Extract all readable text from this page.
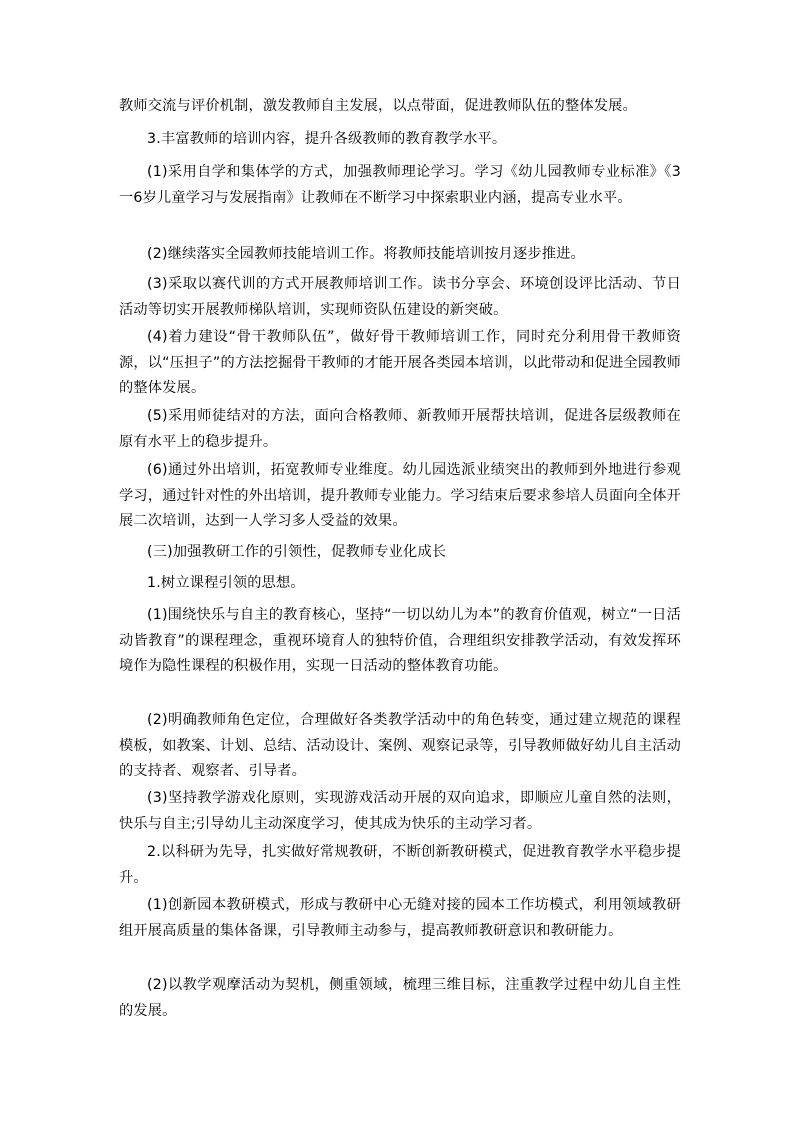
教师交流与评价机制，激发教师自主发展，以点带面，促进教师队伍的整体发展。

3.丰富教师的培训内容，提升各级教师的教育教学水平。

(1)采用自学和集体学的方式，加强教师理论学习。学习《幼儿园教师专业标准》《3一6岁儿童学习与发展指南》让教师在不断学习中探索职业内涵，提高专业水平。

(2)继续落实全园教师技能培训工作。将教师技能培训按月逐步推进。

(3)采取以赛代训的方式开展教师培训工作。读书分享会、环境创设评比活动、节日活动等切实开展教师梯队培训，实现师资队伍建设的新突破。

(4)着力建设“骨干教师队伍”，做好骨干教师培训工作，同时充分利用骨干教师资源，以“压担子”的方法挖掘骨干教师的才能开展各类园本培训，以此带动和促进全园教师的整体发展。

(5)采用师徒结对的方法，面向合格教师、新教师开展帮扶培训，促进各层级教师在原有水平上的稳步提升。

(6)通过外出培训，拓宽教师专业维度。幼儿园选派业绩突出的教师到外地进行参观学习，通过针对性的外出培训，提升教师专业能力。学习结束后要求参培人员面向全体开展二次培训，达到一人学习多人受益的效果。

(三)加强教研工作的引领性，促教师专业化成长

1.树立课程引领的思想。

(1)围绕快乐与自主的教育核心，坚持“一切以幼儿为本”的教育价值观，树立“一日活动皆教育”的课程理念，重视环境育人的独特价值，合理组织安排教学活动，有效发挥环境作为隐性课程的积极作用，实现一日活动的整体教育功能。

(2)明确教师角色定位，合理做好各类教学活动中的角色转变，通过建立规范的课程模板，如教案、计划、总结、活动设计、案例、观察记录等，引导教师做好幼儿自主活动的支持者、观察者、引导者。

(3)坚持教学游戏化原则，实现游戏活动开展的双向追求，即顺应儿童自然的法则，快乐与自主;引导幼儿主动深度学习，使其成为快乐的主动学习者。

2.以科研为先导，扎实做好常规教研，不断创新教研模式，促进教育教学水平稳步提升。

(1)创新园本教研模式，形成与教研中心无缝对接的园本工作坊模式，利用领域教研组开展高质量的集体备课，引导教师主动参与，提高教师教研意识和教研能力。

(2)以教学观摩活动为契机，侧重领域，梳理三维目标，注重教学过程中幼儿自主性的发展。
